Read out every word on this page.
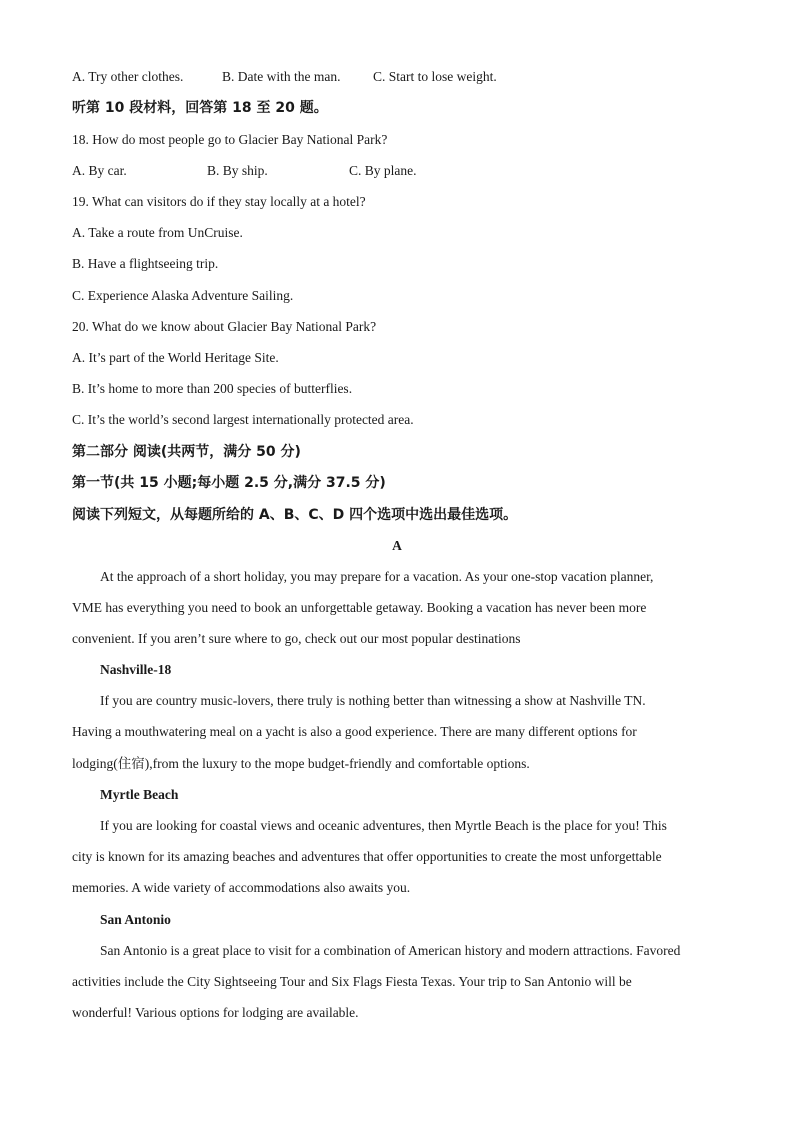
A. Try other clothes.	B. Date with the man. C. Start to lose weight.
听第 10 段材料，回答第 18 至 20 题。
18. How do most people go to Glacier Bay National Park?
A. By car.	B. By ship.	C. By plane.
19. What can visitors do if they stay locally at a hotel?
A. Take a route from UnCruise.
B. Have a flightseeing trip.
C. Experience Alaska Adventure Sailing.
20. What do we know about Glacier Bay National Park?
A. It’s part of the World Heritage Site.
B. It’s home to more than 200 species of butterflies.
C. It’s the world’s second largest internationally protected area.
第二部分 阅读(共两节，满分 50 分)
第一节(共 15 小题;每小题 2.5 分,满分 37.5 分)
阅读下列短文，从每题所给的 A、B、C、D 四个选项中选出最佳选项。
A
At the approach of a short holiday, you may prepare for a vacation. As your one-stop vacation planner,
VME has everything you need to book an unforgettable getaway. Booking a vacation has never been more
convenient. If you aren’t sure where to go, check out our most popular destinations
Nashville-18
If you are country music-lovers, there truly is nothing better than witnessing a show at Nashville TN.
Having a mouthwatering meal on a yacht is also a good experience. There are many different options for
lodging(住宿),from the luxury to the mope budget-friendly and comfortable options.
Myrtle Beach
If you are looking for coastal views and oceanic adventures, then Myrtle Beach is the place for you! This
city is known for its amazing beaches and adventures that offer opportunities to create the most unforgettable
memories. A wide variety of accommodations also awaits you.
San Antonio
San Antonio is a great place to visit for a combination of American history and modern attractions. Favored
activities include the City Sightseeing Tour and Six Flags Fiesta Texas. Your trip to San Antonio will be
wonderful! Various options for lodging are available.
